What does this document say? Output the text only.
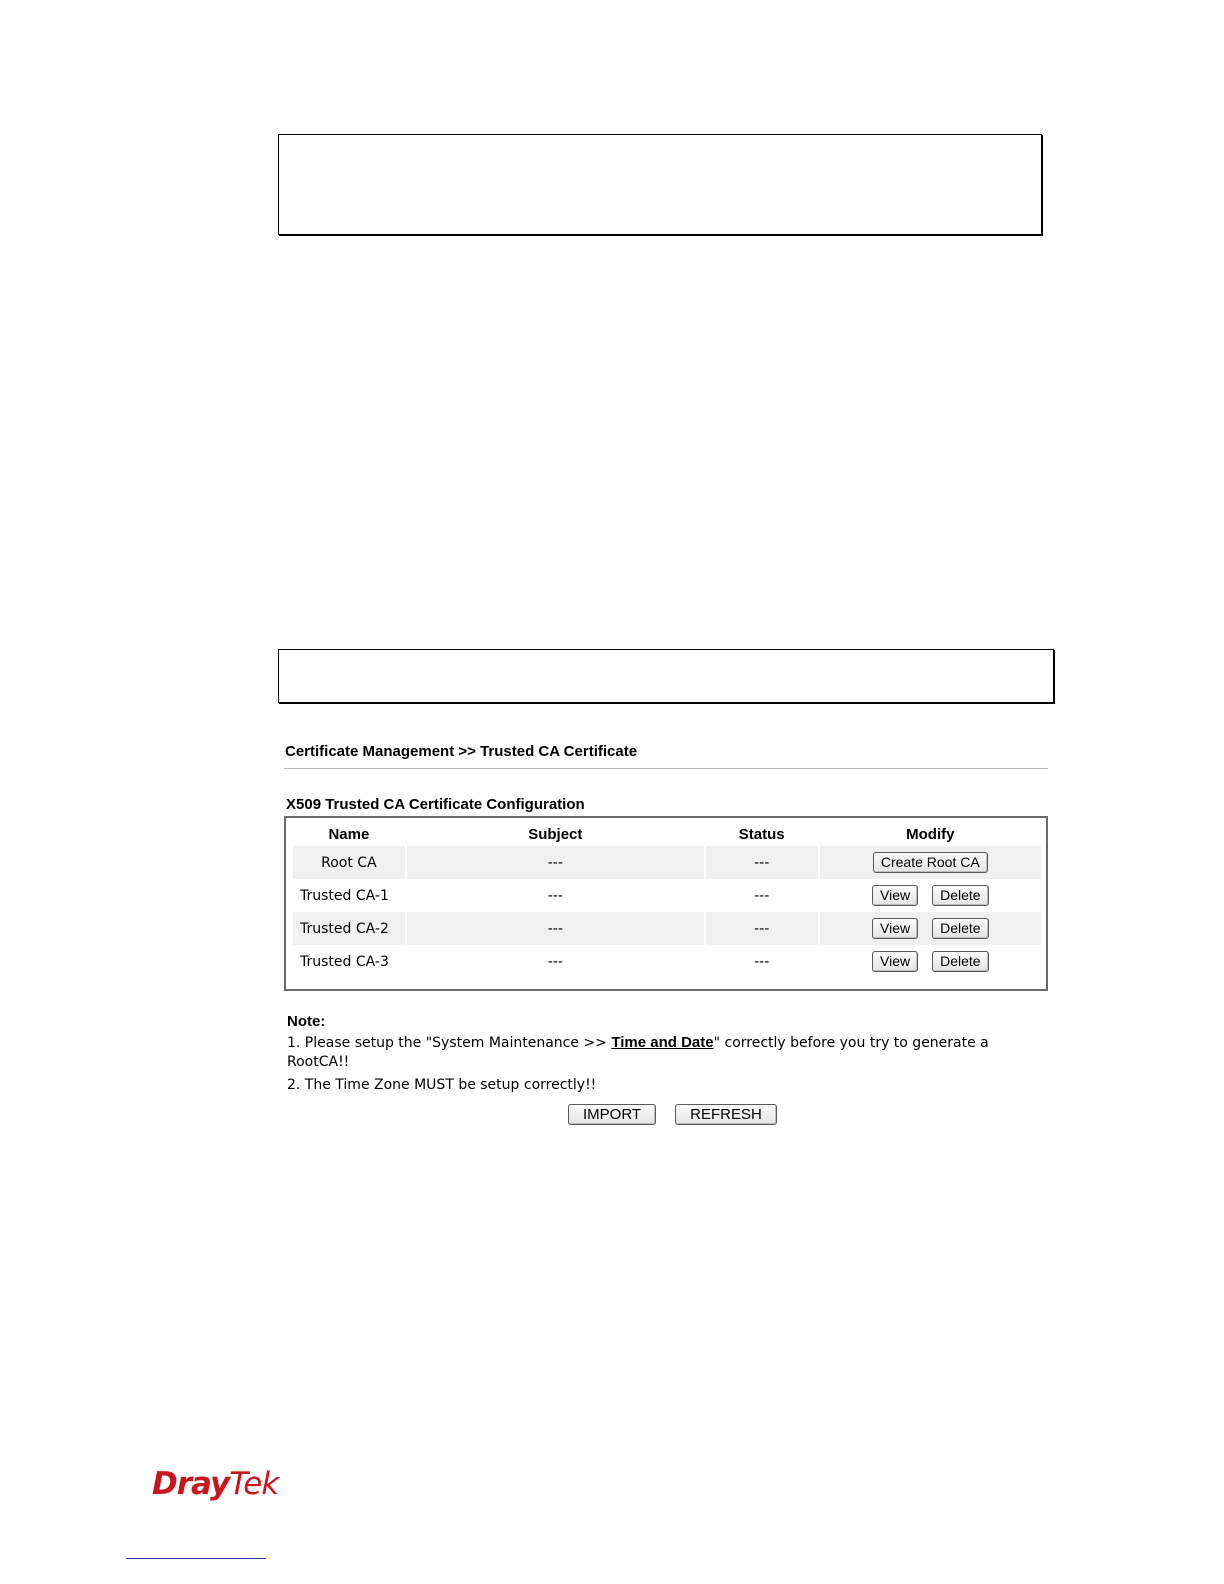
Certificate Management >> Trusted CA Certificate
X509 Trusted CA Certificate Configuration
Name	Subject	Status	Modify
Root CA	---	---	Create Root CA
Trusted CA-1	---	---	View Delete
Trusted CA-2	---	---	View Delete
Trusted CA-3	---	---	View Delete
Note:

1. Please setup the "System Maintenance >> Time and Date" correctly before you try to generate a RootCA!!

2. The Time Zone MUST be setup correctly!!

IMPORT	REFRESH
DrayTek
